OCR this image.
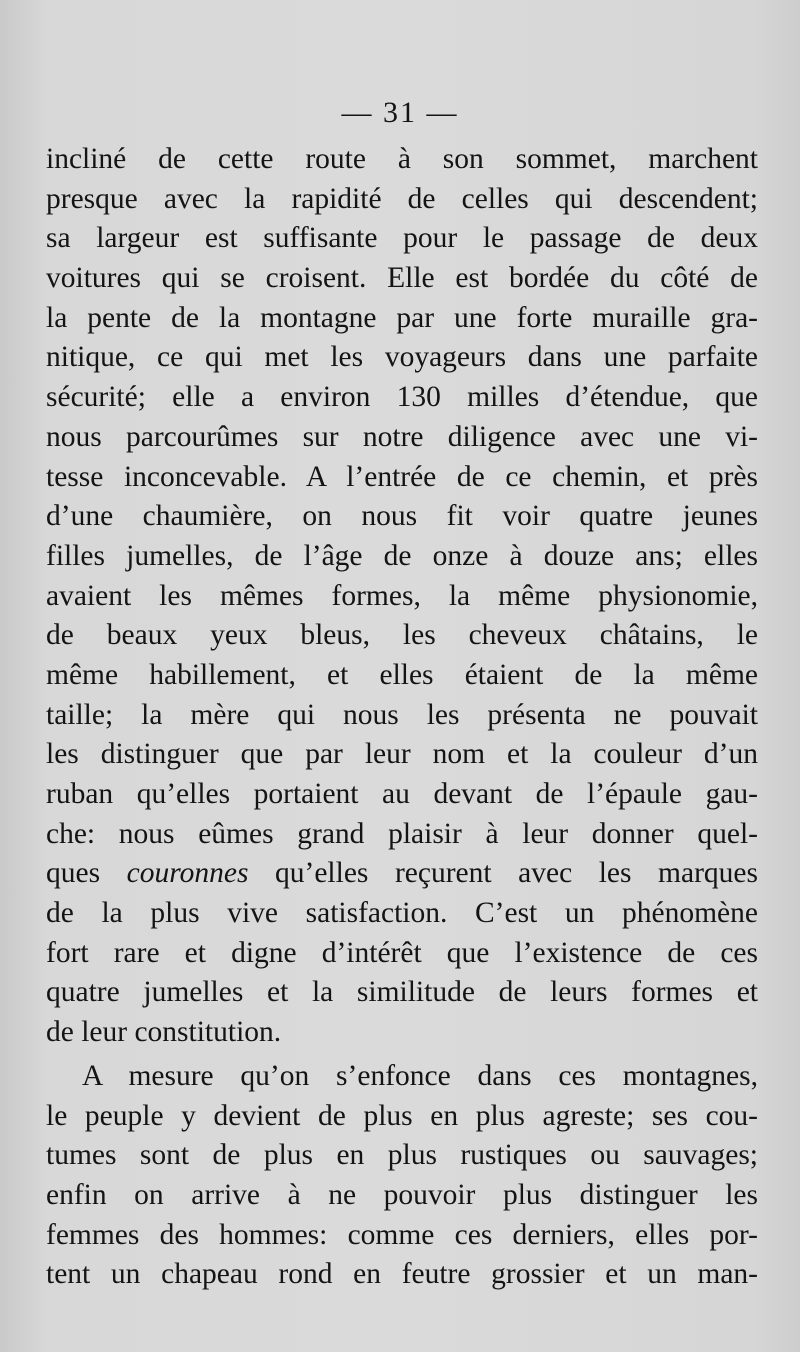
— 31 —
incliné de cette route à son sommet, marchent
presque avec la rapidité de celles qui descendent;
sa largeur est suffisante pour le passage de deux
voitures qui se croisent. Elle est bordée du côté de
la pente de la montagne par une forte muraille gra-
nitique, ce qui met les voyageurs dans une parfaite
sécurité; elle a environ 130 milles d’étendue, que
nous parcourûmes sur notre diligence avec une vi-
tesse inconcevable. A l’entrée de ce chemin, et près
d’une chaumière, on nous fit voir quatre jeunes
filles jumelles, de l’âge de onze à douze ans; elles
avaient les mêmes formes, la même physionomie,
de beaux yeux bleus, les cheveux châtains, le
même habillement, et elles étaient de la même
taille; la mère qui nous les présenta ne pouvait
les distinguer que par leur nom et la couleur d’un
ruban qu’elles portaient au devant de l’épaule gau-
che: nous eûmes grand plaisir à leur donner quel-
ques couronnes qu’elles reçurent avec les marques
de la plus vive satisfaction. C’est un phénomène
fort rare et digne d’intérêt que l’existence de ces
quatre jumelles et la similitude de leurs formes et
de leur constitution.
A mesure qu’on s’enfonce dans ces montagnes,
le peuple y devient de plus en plus agreste; ses cou-
tumes sont de plus en plus rustiques ou sauvages;
enfin on arrive à ne pouvoir plus distinguer les
femmes des hommes: comme ces derniers, elles por-
tent un chapeau rond en feutre grossier et un man-
